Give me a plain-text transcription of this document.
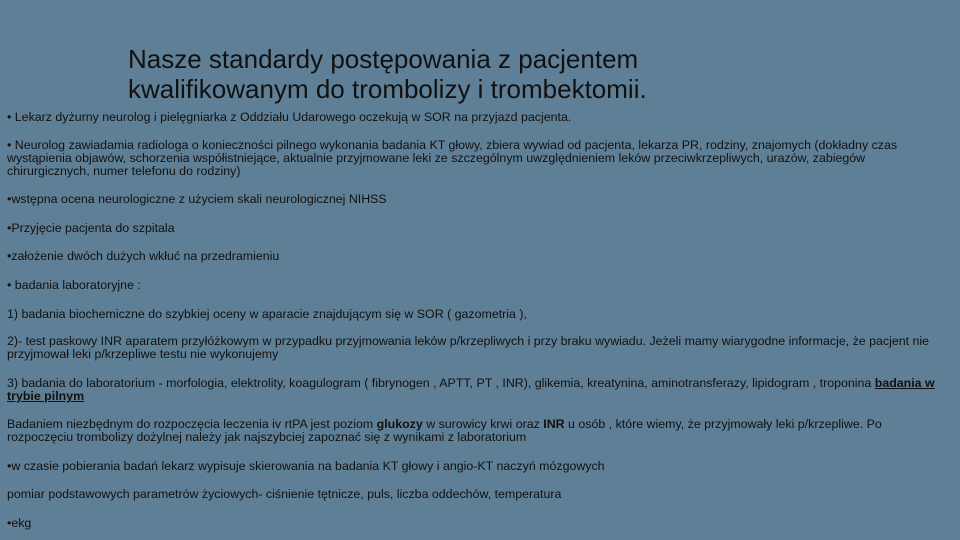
Nasze standardy postępowania z pacjentem
kwalifikowanym do trombolizy i trombektomii.
• Lekarz dyżurny neurolog i pielęgniarka z Oddziału Udarowego oczekują w SOR na przyjazd pacjenta.
• Neurolog zawiadamia radiologa o konieczności pilnego wykonania badania KT głowy, zbiera wywiad od pacjenta, lekarza PR, rodziny, znajomych (dokładny czas wystąpienia objawów, schorzenia współistniejące, aktualnie przyjmowane leki ze szczególnym uwzględnieniem leków przeciwkrzepliwych, urazów, zabiegów chirurgicznych, numer telefonu do rodziny)
•wstępna ocena neurologiczne z użyciem skali neurologicznej NIHSS
•Przyjęcie pacjenta do szpitala
•założenie dwóch dużych wkłuć na przedramieniu
• badania laboratoryjne :
1) badania biochemiczne do szybkiej oceny w aparacie znajdującym się w SOR ( gazometria ),
2)- test paskowy INR aparatem przyłóżkowym w przypadku przyjmowania leków p/krzepliwych i przy braku wywiadu. Jeżeli mamy wiarygodne informacje, że pacjent nie przyjmował leki p/krzepliwe testu nie wykonujemy
3) badania do laboratorium - morfologia, elektrolity, koagulogram ( fibrynogen , APTT, PT , INR), glikemia, kreatynina, aminotransferazy, lipidogram , troponina badania w trybie pilnym
Badaniem niezbędnym do rozpoczęcia leczenia iv rtPA jest poziom glukozy w surowicy krwi oraz INR u osób , które wiemy, że przyjmowały leki p/krzepliwe. Po rozpoczęciu trombolizy dożylnej należy jak najszybciej zapoznać się z wynikami z laboratorium
•w czasie pobierania badań lekarz wypisuje skierowania na badania KT głowy i angio-KT naczyń mózgowych
pomiar podstawowych parametrów życiowych- ciśnienie tętnicze, puls, liczba oddechów, temperatura
•ekg
